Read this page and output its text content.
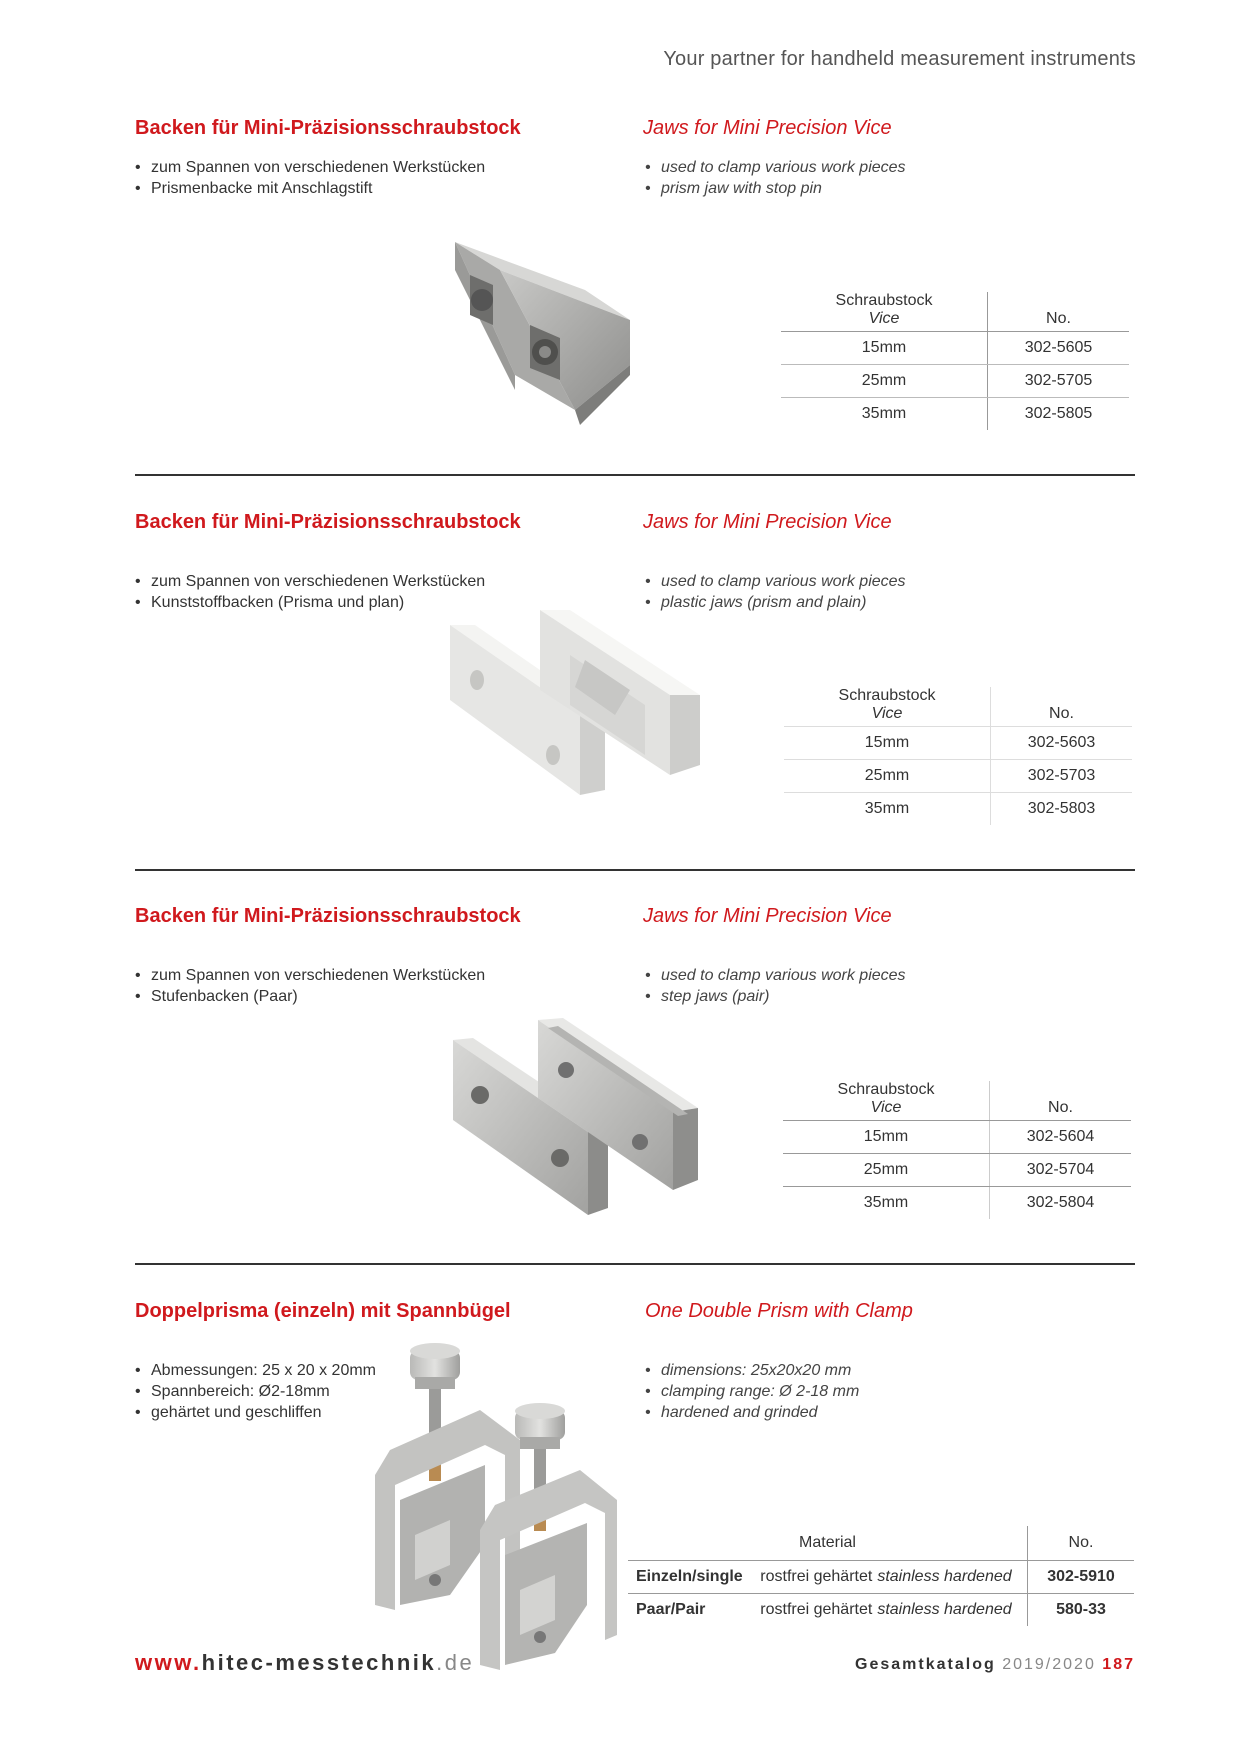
Your partner for handheld measurement instruments
Backen für Mini-Präzisionsschraubstock	Jaws for Mini Precision Vice
• zum Spannen von verschiedenen Werkstücken
• Prismenbacke mit Anschlagstift
• used to clamp various work pieces
• prism jaw with stop pin
Schraubstock
Vice	No.
15mm	302-5605
25mm	302-5705
35mm	302-5805
Backen für Mini-Präzisionsschraubstock	Jaws for Mini Precision Vice
• zum Spannen von verschiedenen Werkstücken
• Kunststoffbacken (Prisma und plan)
• used to clamp various work pieces
• plastic jaws (prism and plain)
Schraubstock
Vice	No.
15mm	302-5603
25mm	302-5703
35mm	302-5803
Backen für Mini-Präzisionsschraubstock	Jaws for Mini Precision Vice
• zum Spannen von verschiedenen Werkstücken
• Stufenbacken (Paar)
• used to clamp various work pieces
• step jaws (pair)
Schraubstock
Vice	No.
15mm	302-5604
25mm	302-5704
35mm	302-5804
Doppelprisma (einzeln) mit Spannbügel	One Double Prism with Clamp
• Abmessungen: 25 x 20 x 20mm
• Spannbereich: Ø2-18mm
• gehärtet und geschliffen
• dimensions: 25x20x20 mm
• clamping range: Ø 2-18 mm
• hardened and grinded
Material			No.
Einzeln/single	rostfrei gehärtet	stainless hardened	302-5910
Paar/Pair	rostfrei gehärtet	stainless hardened	580-33
www.hitec-messtechnik.de	Gesamtkatalog 2019/2020 187
